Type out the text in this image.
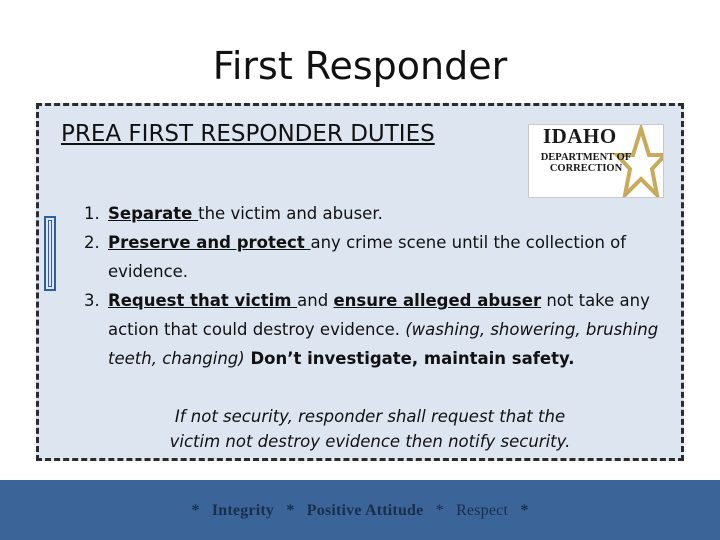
First Responder
PREA FIRST RESPONDER DUTIES	IDAHO
DEPARTMENT OF
CORRECTION
1. Separate the victim and abuser.
2. Preserve and protect any crime scene until the collection of evidence.
3. Request that victim and ensure alleged abuser not take any action that could destroy evidence. (washing, showering, brushing teeth, changing) Don’t investigate, maintain safety.
If not security, responder shall request that the
victim not destroy evidence then notify security.
* Integrity * Positive Attitude * Respect *
